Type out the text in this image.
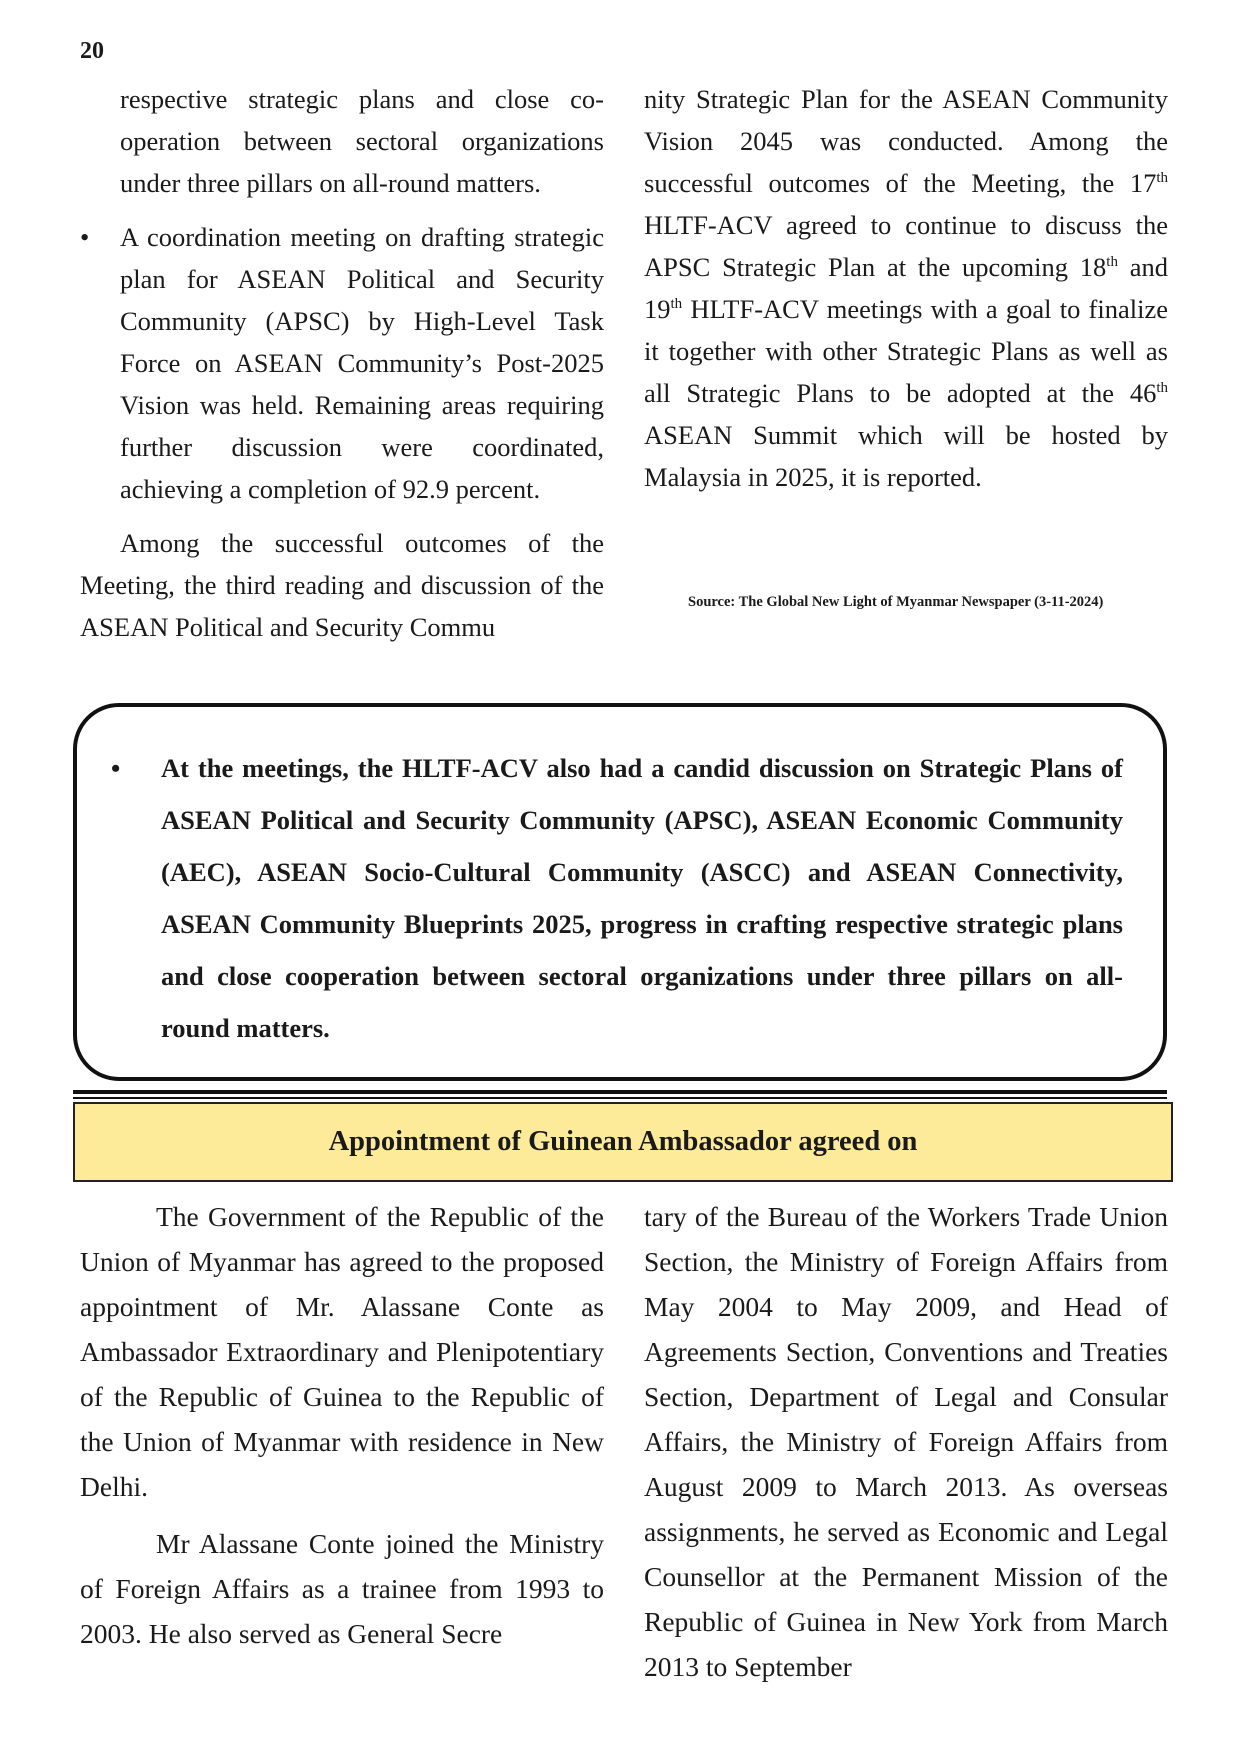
20

respective strategic plans and close cooperation between sectoral organizations under three pillars on all-round matters.

• A coordination meeting on drafting strategic plan for ASEAN Political and Security Community (APSC) by High-Level Task Force on ASEAN Community’s Post-2025 Vision was held. Remaining areas requiring further discussion were coordinated, achieving a completion of 92.9 percent.

Among the successful outcomes of the Meeting, the third reading and discussion of the ASEAN Political and Security Commu

nity Strategic Plan for the ASEAN Community Vision 2045 was conducted. Among the successful outcomes of the Meeting, the 17th HLTF-ACV agreed to continue to discuss the APSC Strategic Plan at the upcoming 18th and 19th HLTF-ACV meetings with a goal to finalize it together with other Strategic Plans as well as all Strategic Plans to be adopted at the 46th ASEAN Summit which will be hosted by Malaysia in 2025, it is reported.

Source: The Global New Light of Myanmar Newspaper (3-11-2024)
• At the meetings, the HLTF-ACV also had a candid discussion on Strategic Plans of ASEAN Political and Security Community (APSC), ASEAN Economic Community (AEC), ASEAN Socio-Cultural Community (ASCC) and ASEAN Connectivity, ASEAN Community Blueprints 2025, progress in crafting respective strategic plans and close cooperation between sectoral organizations under three pillars on all-round matters.
Appointment of Guinean Ambassador agreed on

The Government of the Republic of the Union of Myanmar has agreed to the proposed appointment of Mr. Alassane Conte as Ambassador Extraordinary and Plenipotentiary of the Republic of Guinea to the Republic of the Union of Myanmar with residence in New Delhi.

Mr Alassane Conte joined the Ministry of Foreign Affairs as a trainee from 1993 to 2003. He also served as General Secre

tary of the Bureau of the Workers Trade Union Section, the Ministry of Foreign Affairs from May 2004 to May 2009, and Head of Agreements Section, Conventions and Treaties Section, Department of Legal and Consular Affairs, the Ministry of Foreign Affairs from August 2009 to March 2013. As overseas assignments, he served as Economic and Legal Counsellor at the Permanent Mission of the Republic of Guinea in New York from March 2013 to September
